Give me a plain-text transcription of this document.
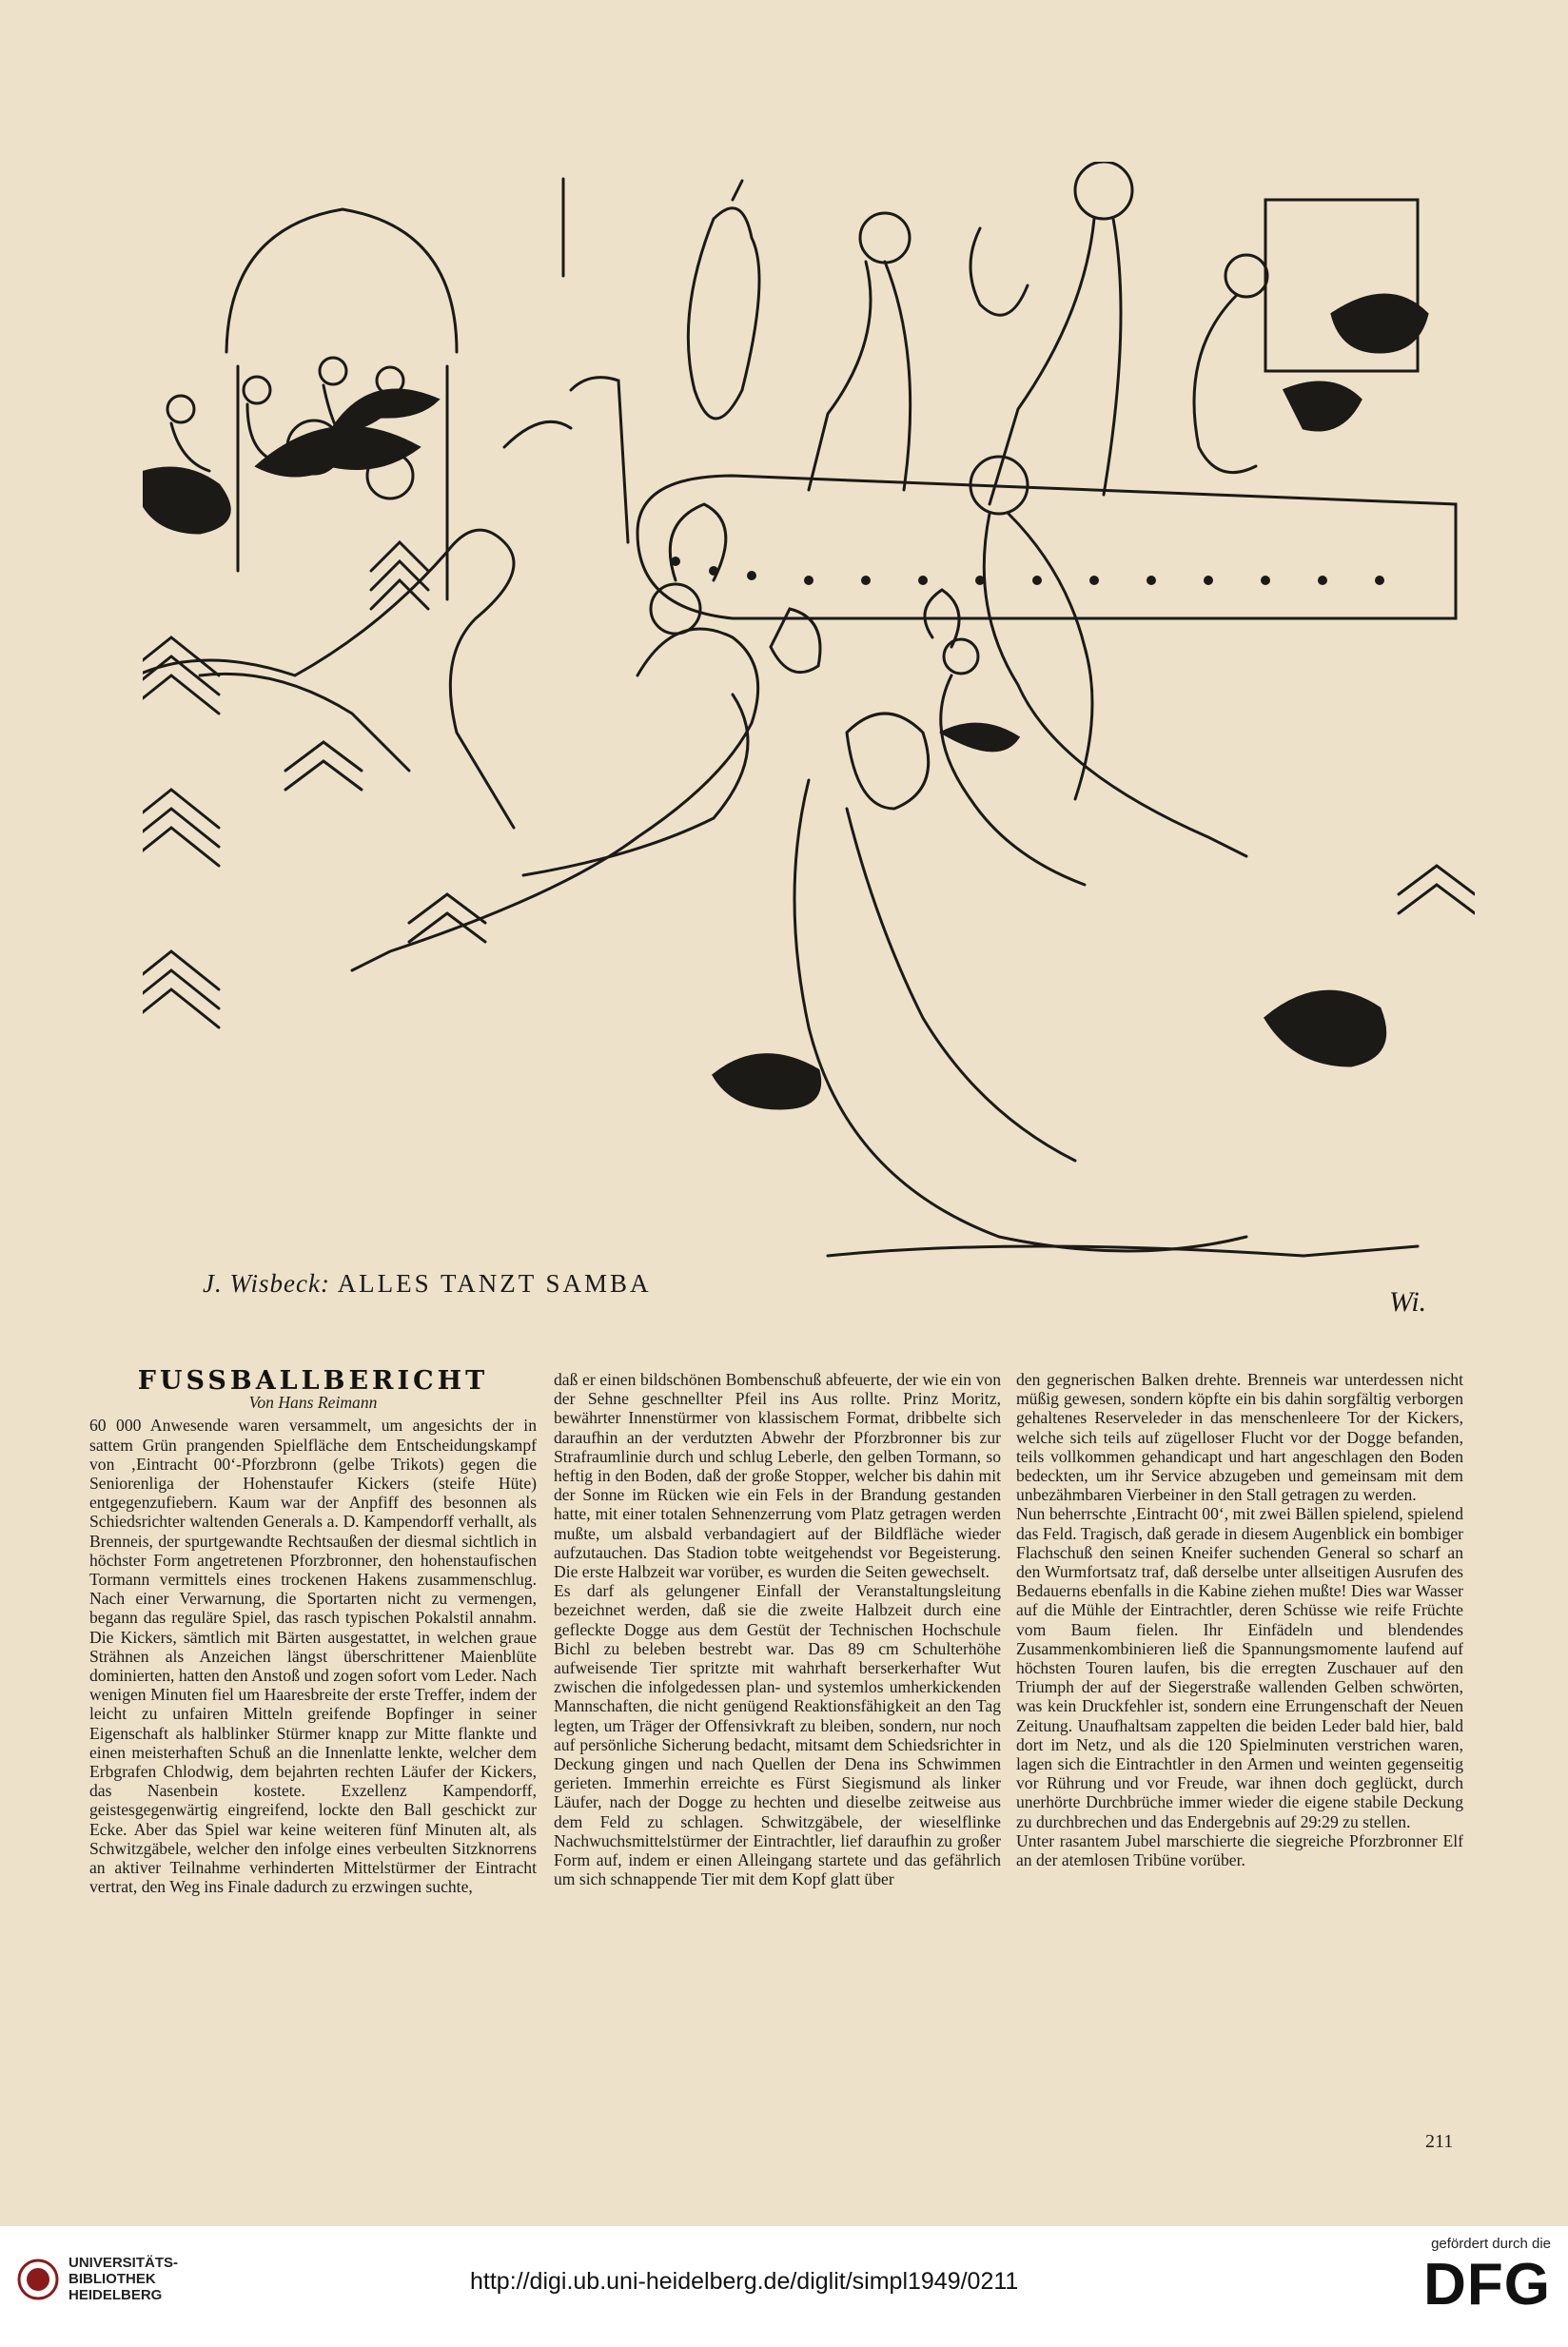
J. Wisbeck: ALLES TANZT SAMBA
Wi.

FUSSBALLBERICHT

Von Hans Reimann

60 000 Anwesende waren versammelt, um angesichts der in sattem Grün prangenden Spielfläche dem Entscheidungskampf von ‚Eintracht 00‘-Pforzbronn (gelbe Trikots) gegen die Seniorenliga der Hohenstaufer Kickers (steife Hüte) entgegenzufiebern. Kaum war der Anpfiff des besonnen als Schiedsrichter waltenden Generals a. D. Kampendorff verhallt, als Brenneis, der spurtgewandte Rechtsaußen der diesmal sichtlich in höchster Form angetretenen Pforzbronner, den hohenstaufischen Tormann vermittels eines trockenen Hakens zusammenschlug. Nach einer Verwarnung, die Sportarten nicht zu vermengen, begann das reguläre Spiel, das rasch typischen Pokalstil annahm. Die Kickers, sämtlich mit Bärten ausgestattet, in welchen graue Strähnen als Anzeichen längst überschrittener Maienblüte dominierten, hatten den Anstoß und zogen sofort vom Leder. Nach wenigen Minuten fiel um Haaresbreite der erste Treffer, indem der leicht zu unfairen Mitteln greifende Bopfinger in seiner Eigenschaft als halblinker Stürmer knapp zur Mitte flankte und einen meisterhaften Schuß an die Innenlatte lenkte, welcher dem Erbgrafen Chlodwig, dem bejahrten rechten Läufer der Kickers, das Nasenbein kostete. Exzellenz Kampendorff, geistesgegenwärtig eingreifend, lockte den Ball geschickt zur Ecke. Aber das Spiel war keine weiteren fünf Minuten alt, als Schwitzgäbele, welcher den infolge eines verbeulten Sitzknorrens an aktiver Teilnahme verhinderten Mittelstürmer der Eintracht vertrat, den Weg ins Finale dadurch zu erzwingen suchte,

daß er einen bildschönen Bombenschuß abfeuerte, der wie ein von der Sehne geschnellter Pfeil ins Aus rollte. Prinz Moritz, bewährter Innenstürmer von klassischem Format, dribbelte sich daraufhin an der verdutzten Abwehr der Pforzbronner bis zur Strafraumlinie durch und schlug Leberle, den gelben Tormann, so heftig in den Boden, daß der große Stopper, welcher bis dahin mit der Sonne im Rücken wie ein Fels in der Brandung gestanden hatte, mit einer totalen Sehnenzerrung vom Platz getragen werden mußte, um alsbald verbandagiert auf der Bildfläche wieder aufzutauchen. Das Stadion tobte weitgehendst vor Begeisterung. Die erste Halbzeit war vorüber, es wurden die Seiten gewechselt.

Es darf als gelungener Einfall der Veranstaltungsleitung bezeichnet werden, daß sie die zweite Halbzeit durch eine gefleckte Dogge aus dem Gestüt der Technischen Hochschule Bichl zu beleben bestrebt war. Das 89 cm Schulterhöhe aufweisende Tier spritzte mit wahrhaft berserkerhafter Wut zwischen die infolgedessen plan- und systemlos umherkickenden Mannschaften, die nicht genügend Reaktionsfähigkeit an den Tag legten, um Träger der Offensivkraft zu bleiben, sondern, nur noch auf persönliche Sicherung bedacht, mitsamt dem Schiedsrichter in Deckung gingen und nach Quellen der Dena ins Schwimmen gerieten. Immerhin erreichte es Fürst Siegismund als linker Läufer, nach der Dogge zu hechten und dieselbe zeitweise aus dem Feld zu schlagen. Schwitzgäbele, der wieselflinke Nachwuchsmittelstürmer der Eintrachtler, lief daraufhin zu großer Form auf, indem er einen Alleingang startete und das gefährlich um sich schnappende Tier mit dem Kopf glatt über

den gegnerischen Balken drehte. Brenneis war unterdessen nicht müßig gewesen, sondern köpfte ein bis dahin sorgfältig verborgen gehaltenes Reserveleder in das menschenleere Tor der Kickers, welche sich teils auf zügelloser Flucht vor der Dogge befanden, teils vollkommen gehandicapt und hart angeschlagen den Boden bedeckten, um ihr Service abzugeben und gemeinsam mit dem unbezähmbaren Vierbeiner in den Stall getragen zu werden.

Nun beherrschte ‚Eintracht 00‘, mit zwei Bällen spielend, spielend das Feld. Tragisch, daß gerade in diesem Augenblick ein bombiger Flachschuß den seinen Kneifer suchenden General so scharf an den Wurmfortsatz traf, daß derselbe unter allseitigen Ausrufen des Bedauerns ebenfalls in die Kabine ziehen mußte! Dies war Wasser auf die Mühle der Eintrachtler, deren Schüsse wie reife Früchte vom Baum fielen. Ihr Einfädeln und blendendes Zusammenkombinieren ließ die Spannungsmomente laufend auf höchsten Touren laufen, bis die erregten Zuschauer auf den Triumph der auf der Siegerstraße wallenden Gelben schwörten, was kein Druckfehler ist, sondern eine Errungenschaft der Neuen Zeitung. Unaufhaltsam zappelten die beiden Leder bald hier, bald dort im Netz, und als die 120 Spielminuten verstrichen waren, lagen sich die Eintrachtler in den Armen und weinten gegenseitig vor Rührung und vor Freude, war ihnen doch geglückt, durch unerhörte Durchbrüche immer wieder die eigene stabile Deckung zu durchbrechen und das Endergebnis auf 29:29 zu stellen.

Unter rasantem Jubel marschierte die siegreiche Pforzbronner Elf an der atemlosen Tribüne vorüber.

211
UNIVERSITÄTS-
BIBLIOTHEK
HEIDELBERG
http://digi.ub.uni-heidelberg.de/diglit/simpl1949/0211
gefördert durch die
DFG
